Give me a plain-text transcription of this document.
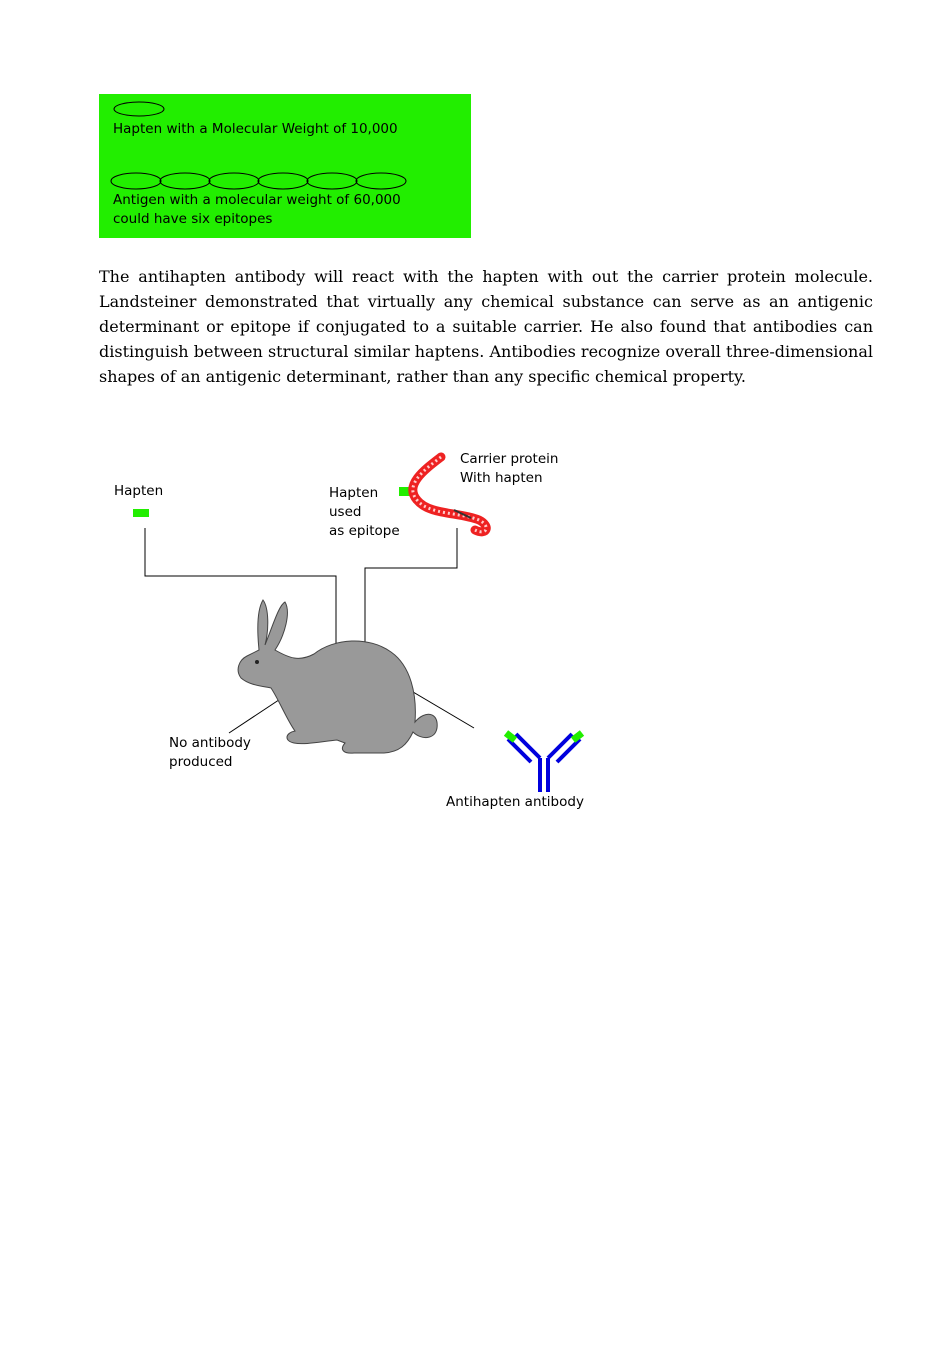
Hapten with a Molecular Weight of 10,000
Antigen with a molecular weight of 60,000
could have six epitopes

The antihapten antibody will react with the hapten with out the carrier protein molecule. Landsteiner demonstrated that virtually any chemical substance can serve as an antigenic determinant or epitope if conjugated to a suitable carrier. He also found that antibodies can distinguish between structural similar haptens. Antibodies recognize overall three-dimensional shapes of an antigenic determinant, rather than any specific chemical property.

Hapten	Hapten
used
as epitope
Carrier protein
With hapten
No antibody
produced
Antihapten antibody
